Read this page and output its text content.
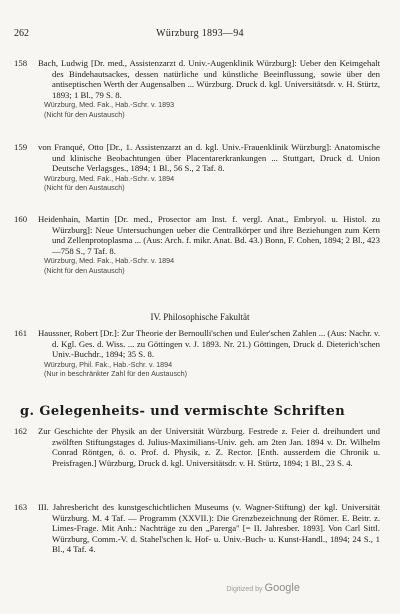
262	Würzburg 1893—94
158	Bach, Ludwig [Dr. med., Assistenzarzt d. Univ.-Augenklinik Würzburg]: Ueber den Keimgehalt des Bindehautsackes, dessen natürliche und künstliche Beeinflussung, sowie über den antiseptischen Werth der Augensalben ... Würzburg. Druck d. kgl. Universitätsdr. v. H. Stürtz, 1893; 1 Bl., 79 S. 8.
Würzburg, Med. Fak., Hab.-Schr. v. 1893
(Nicht für den Austausch)
159	von Franqué, Otto [Dr., 1. Assistenzarzt an d. kgl. Univ.-Frauenklinik Würzburg]: Anatomische und klinische Beobachtungen über Placentarerkrankungen ... Stuttgart, Druck d. Union Deutsche Verlagsges., 1894; 1 Bl., 56 S., 2 Taf. 8.
Würzburg, Med. Fak., Hab.-Schr. v. 1894
(Nicht für den Austausch)
160	Heidenhain, Martin [Dr. med., Prosector am Inst. f. vergl. Anat., Embryol. u. Histol. zu Würzburg]: Neue Untersuchungen ueber die Centralkörper und ihre Beziehungen zum Kern und Zellenprotoplasma ... (Aus: Arch. f. mikr. Anat. Bd. 43.) Bonn, F. Cohen, 1894; 2 Bl., 423—758 S., 7 Taf. 8.
Würzburg, Med. Fak., Hab.-Schr. v. 1894
(Nicht für den Austausch)
IV. Philosophische Fakultät
161	Haussner, Robert [Dr.]: Zur Theorie der Bernoulli'schen und Euler'schen Zahlen ... (Aus: Nachr. v. d. Kgl. Ges. d. Wiss. ... zu Göttingen v. J. 1893. Nr. 21.) Göttingen, Druck d. Dieterich'schen Univ.-Buchdr., 1894; 35 S. 8.
Würzburg, Phil. Fak., Hab.-Schr. v. 1894
(Nur in beschränkter Zahl für den Austausch)
g. Gelegenheits- und vermischte Schriften
162	Zur Geschichte der Physik an der Universität Würzburg. Festrede z. Feier d. dreihundert und zwölften Stiftungstages d. Julius-Maximilians-Univ. geh. am 2ten Jan. 1894 v. Dr. Wilhelm Conrad Röntgen, ö. o. Prof. d. Physik, z. Z. Rector. [Enth. ausserdem die Chronik u. Preisfragen.] Würzburg, Druck d. kgl. Universitätsdr. v. H. Stürtz, 1894; 1 Bl., 23 S. 4.
163	III. Jahresbericht des kunstgeschichtlichen Museums (v. Wagner-Stiftung) der kgl. Universität Würzburg. M. 4 Taf. — Programm (XXVII.): Die Grenzbezeichnung der Römer. E. Beitr. z. Limes-Frage. Mit Anh.: Nachträge zu den „Parerga" [= II. Jahresber. 1893]. Von Carl Sittl. Würzburg, Comm.-V. d. Stahel'schen k. Hof- u. Univ.-Buch- u. Kunst-Handl., 1894; 24 S., 1 Bl., 4 Taf. 4.
Digitized by Google
